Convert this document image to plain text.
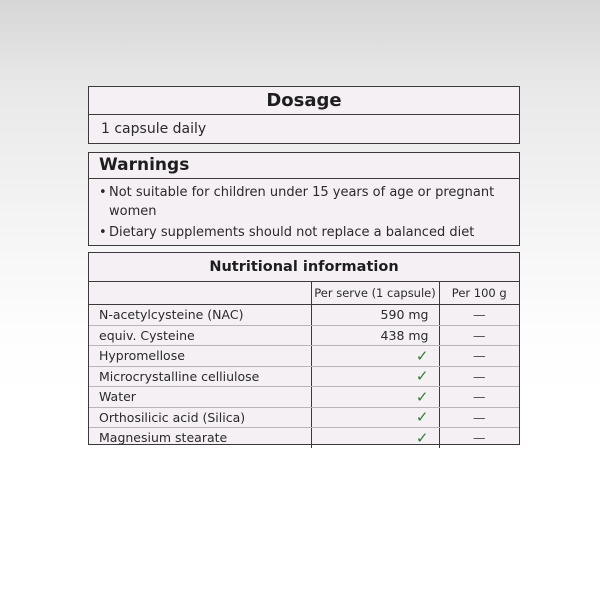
Dosage
1 capsule daily
Warnings
• Not suitable for children under 15 years of age or pregnant women
• Dietary supplements should not replace a balanced diet
Nutritional information
	Per serve (1 capsule)	Per 100 g
N-acetylcysteine (NAC)	590 mg	—
equiv. Cysteine	438 mg	—
Hypromellose	✓	—
Microcrystalline celliulose	✓	—
Water	✓	—
Orthosilicic acid (Silica)	✓	—
Magnesium stearate	✓	—
